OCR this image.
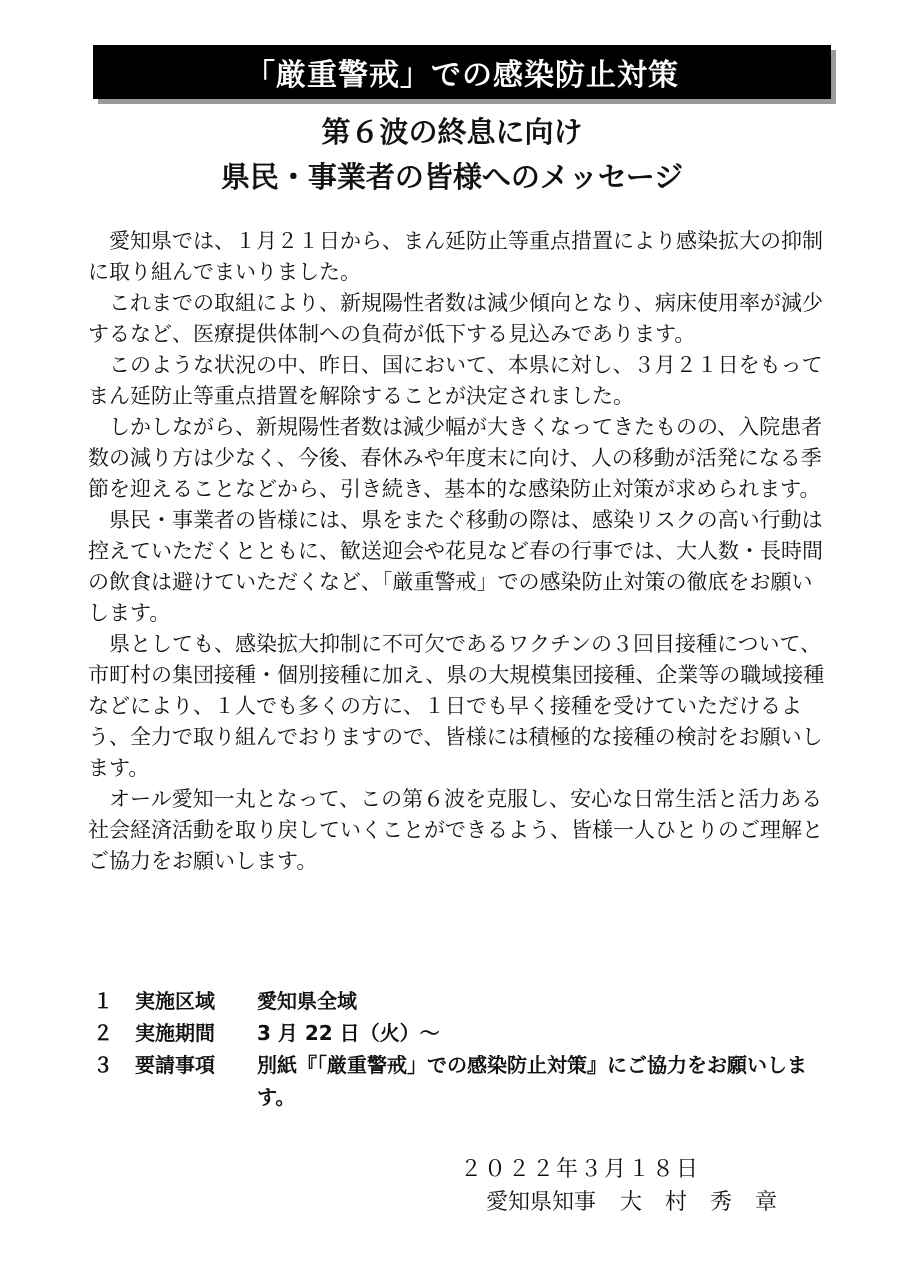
「厳重警戒」での感染防止対策
第６波の終息に向け
県民・事業者の皆様へのメッセージ

愛知県では、１月２１日から、まん延防止等重点措置により感染拡大の抑制に取り組んでまいりました。

これまでの取組により、新規陽性者数は減少傾向となり、病床使用率が減少するなど、医療提供体制への負荷が低下する見込みであります。

このような状況の中、昨日、国において、本県に対し、３月２１日をもってまん延防止等重点措置を解除することが決定されました。

しかしながら、新規陽性者数は減少幅が大きくなってきたものの、入院患者数の減り方は少なく、今後、春休みや年度末に向け、人の移動が活発になる季節を迎えることなどから、引き続き、基本的な感染防止対策が求められます。

県民・事業者の皆様には、県をまたぐ移動の際は、感染リスクの高い行動は控えていただくとともに、歓送迎会や花見など春の行事では、大人数・長時間の飲食は避けていただくなど、「厳重警戒」での感染防止対策の徹底をお願いします。

県としても、感染拡大抑制に不可欠であるワクチンの３回目接種について、市町村の集団接種・個別接種に加え、県の大規模集団接種、企業等の職域接種などにより、１人でも多くの方に、１日でも早く接種を受けていただけるよう、全力で取り組んでおりますので、皆様には積極的な接種の検討をお願いします。

オール愛知一丸となって、この第６波を克服し、安心な日常生活と活力ある社会経済活動を取り戻していくことができるよう、皆様一人ひとりのご理解とご協力をお願いします。

１	実施区域	愛知県全域
２	実施期間	3 月 22 日（火）～
３	要請事項	別紙『「厳重警戒」での感染防止対策』にご協力をお願いします。
２０２２年３月１８日
愛知県知事 大 村 秀 章
